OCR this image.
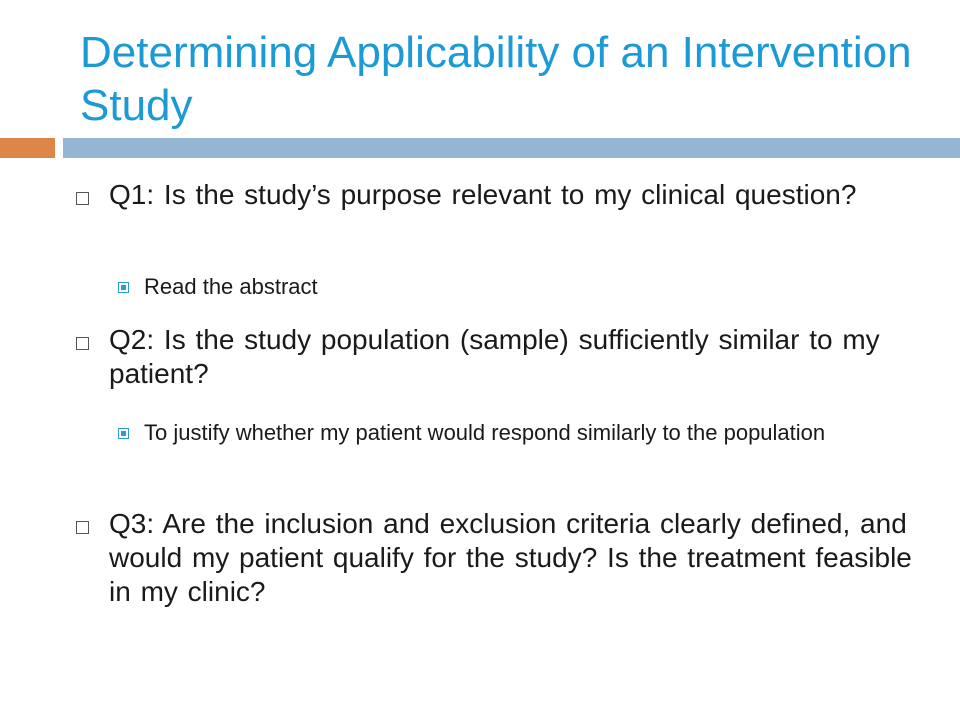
Determining Applicability of an Intervention Study
Q1: Is the study’s purpose relevant to my clinical question?
Read the abstract
Q2: Is the study population (sample) sufficiently similar to my patient?
To justify whether my patient would respond similarly to the population
Q3: Are the inclusion and exclusion criteria clearly defined, and would my patient qualify for the study? Is the treatment feasible in my clinic?
